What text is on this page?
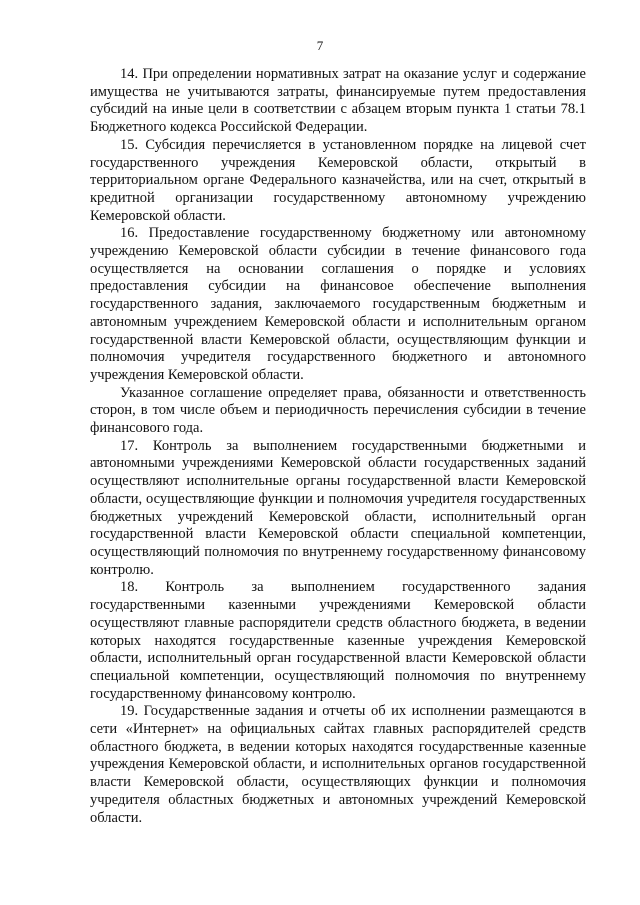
7

14. При определении нормативных затрат на оказание услуг и содержание имущества не учитываются затраты, финансируемые путем предоставления субсидий на иные цели в соответствии с абзацем вторым пункта 1 статьи 78.1 Бюджетного кодекса Российской Федерации.

15. Субсидия перечисляется в установленном порядке на лицевой счет государственного учреждения Кемеровской области, открытый в территориальном органе Федерального казначейства, или на счет, открытый в кредитной организации государственному автономному учреждению Кемеровской области.

16. Предоставление государственному бюджетному или автономному учреждению Кемеровской области субсидии в течение финансового года осуществляется на основании соглашения о порядке и условиях предоставления субсидии на финансовое обеспечение выполнения государственного задания, заключаемого государственным бюджетным и автономным учреждением Кемеровской области и исполнительным органом государственной власти Кемеровской области, осуществляющим функции и полномочия учредителя государственного бюджетного и автономного учреждения Кемеровской области.

Указанное соглашение определяет права, обязанности и ответственность сторон, в том числе объем и периодичность перечисления субсидии в течение финансового года.

17. Контроль за выполнением государственными бюджетными и автономными учреждениями Кемеровской области государственных заданий осуществляют исполнительные органы государственной власти Кемеровской области, осуществляющие функции и полномочия учредителя государственных бюджетных учреждений Кемеровской области, исполнительный орган государственной власти Кемеровской области специальной компетенции, осуществляющий полномочия по внутреннему государственному финансовому контролю.

18. Контроль за выполнением государственного задания государственными казенными учреждениями Кемеровской области осуществляют главные распорядители средств областного бюджета, в ведении которых находятся государственные казенные учреждения Кемеровской области, исполнительный орган государственной власти Кемеровской области специальной компетенции, осуществляющий полномочия по внутреннему государственному финансовому контролю.

19. Государственные задания и отчеты об их исполнении размещаются в сети «Интернет» на официальных сайтах главных распорядителей средств областного бюджета, в ведении которых находятся государственные казенные учреждения Кемеровской области, и исполнительных органов государственной власти Кемеровской области, осуществляющих функции и полномочия учредителя областных бюджетных и автономных учреждений Кемеровской области.
